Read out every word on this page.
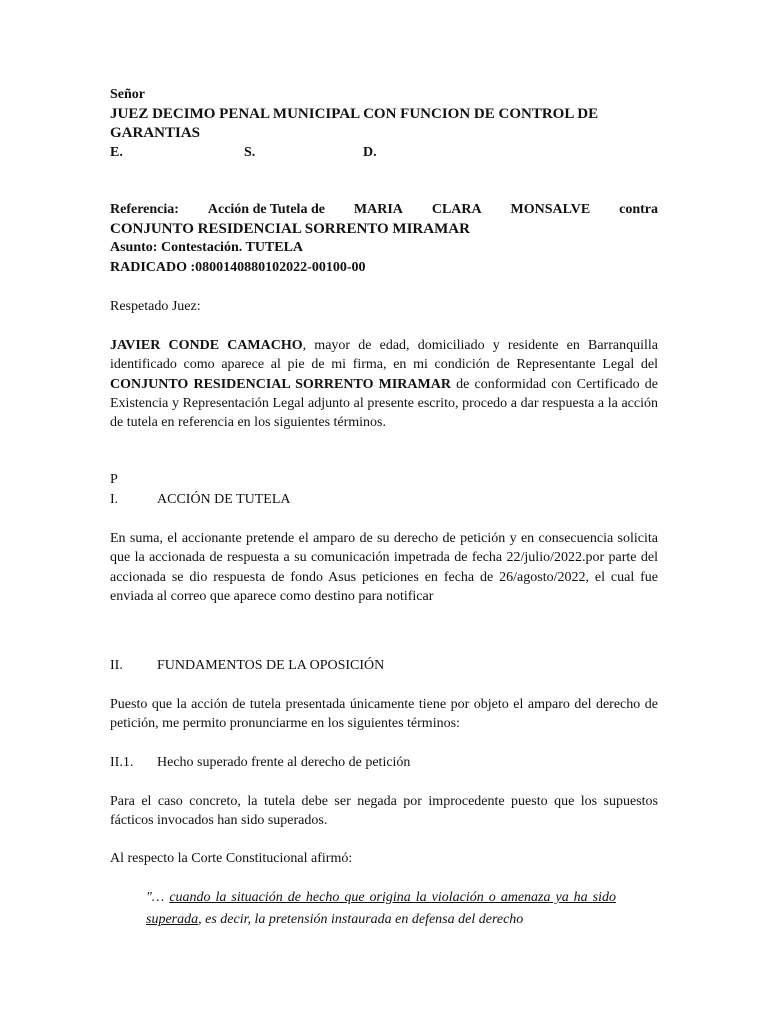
Señor
JUEZ DECIMO PENAL MUNICIPAL CON FUNCION DE CONTROL DE
GARANTIAS
E.	S.	D.
Referencia: Acción de Tutela de MARIA CLARA MONSALVE contra
CONJUNTO RESIDENCIAL SORRENTO MIRAMAR
Asunto: Contestación. TUTELA
RADICADO :0800140880102022-00100-00
Respetado Juez:
JAVIER CONDE CAMACHO, mayor de edad, domiciliado y residente en Barranquilla identificado como aparece al pie de mi firma, en mi condición de Representante Legal del CONJUNTO RESIDENCIAL SORRENTO MIRAMAR de conformidad con Certificado de Existencia y Representación Legal adjunto al presente escrito, procedo a dar respuesta a la acción de tutela en referencia en los siguientes términos.
P
I.	ACCIÓN DE TUTELA
En suma, el accionante pretende el amparo de su derecho de petición y en consecuencia solicita que la accionada de respuesta a su comunicación impetrada de fecha 22/julio/2022.por parte del accionada se dio respuesta de fondo Asus peticiones en fecha de 26/agosto/2022, el cual fue enviada al correo que aparece como destino para notificar
II. FUNDAMENTOS DE LA OPOSICIÓN
Puesto que la acción de tutela presentada únicamente tiene por objeto el amparo del derecho de petición, me permito pronunciarme en los siguientes términos:
II.1. Hecho superado frente al derecho de petición
Para el caso concreto, la tutela debe ser negada por improcedente puesto que los supuestos fácticos invocados han sido superados.
Al respecto la Corte Constitucional afirmó:
"… cuando la situación de hecho que origina la violación o amenaza ya ha sido superada, es decir, la pretensión instaurada en defensa del derecho
